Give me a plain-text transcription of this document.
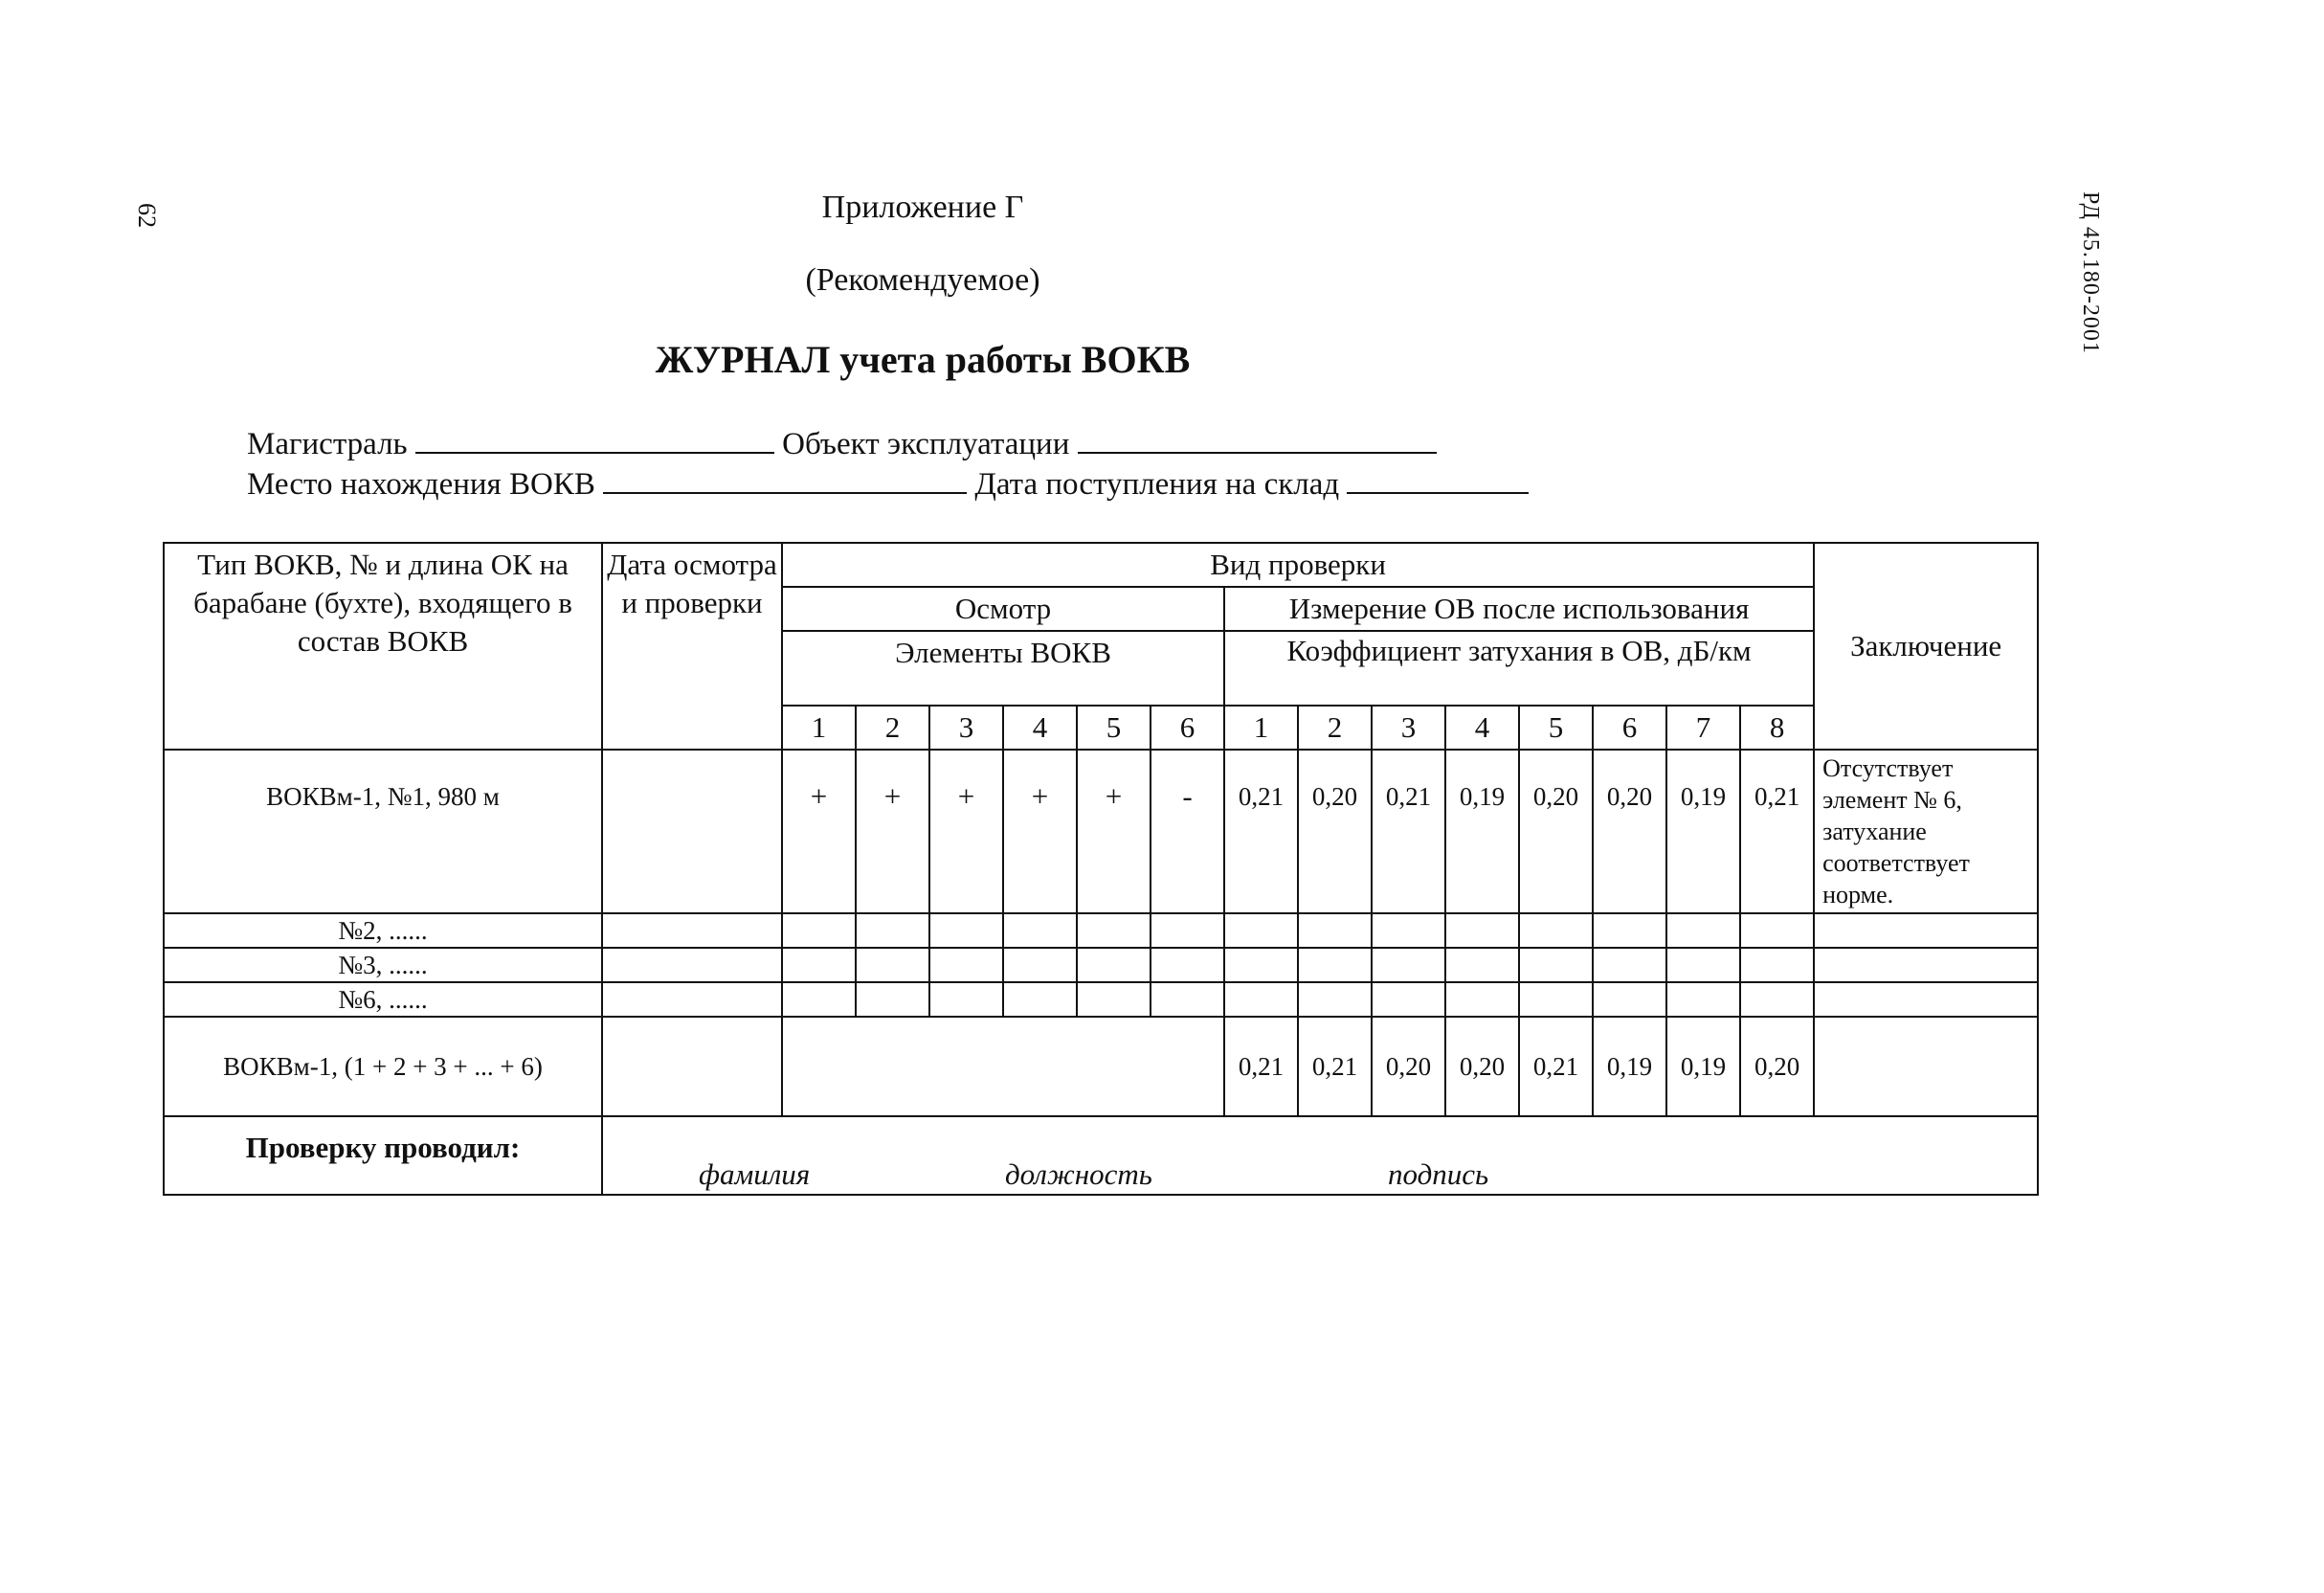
62	РД 45.180-2001
Приложение Г
(Рекомендуемое)
ЖУРНАЛ учета работы ВОКВ
Магистраль	Объект эксплуатации
Место нахождения ВОКВ	Дата поступления на склад
Тип ВОКВ, № и длина ОК на барабане (бухте), входящего в состав ВОКВ	Дата осмотра и проверки	Вид проверки														Заключение
		Осмотр						Измерение ОВ после использования								
		Элементы ВОКВ						Коэффициент затухания в ОВ, дБ/км								

		1	2	3	4	5	6	1	2	3	4	5	6	7	8	
ВОКВм-1, №1, 980 м		+	+	+	+	+	-	0,21	0,20	0,21	0,19	0,20	0,20	0,19	0,21	Отсутствует элемент № 6, затухание соответствует норме.
№2, ......																
№3, ......																
№6, ......																
ВОКВм-1, (1 + 2 + 3 + ... + 6)								0,21	0,21	0,20	0,20	0,21	0,19	0,19	0,20	
Проверку проводил:	фамилия должность подпись															
